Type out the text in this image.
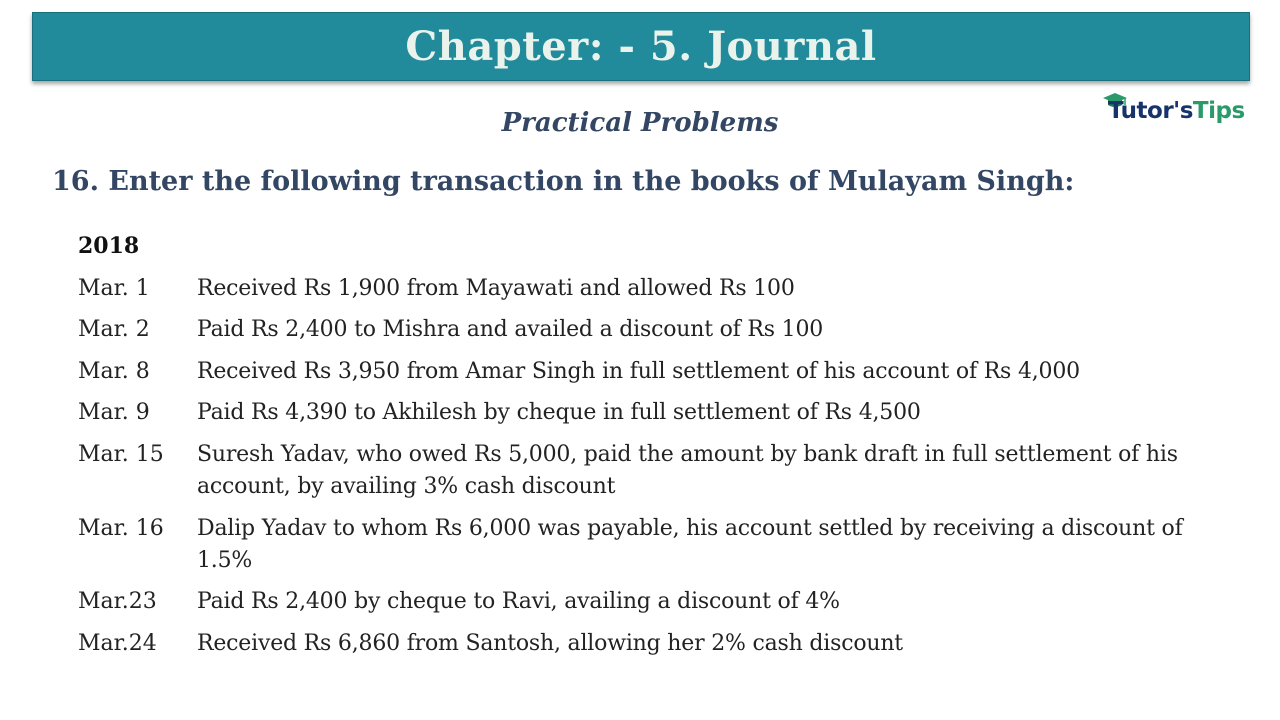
Chapter: - 5. Journal
Tutor'sTips
Practical Problems
16. Enter the following transaction in the books of Mulayam Singh:
2018
Mar. 1	Received Rs 1,900 from Mayawati and allowed Rs 100
Mar. 2	Paid Rs 2,400 to Mishra and availed a discount of Rs 100
Mar. 8	Received Rs 3,950 from Amar Singh in full settlement of his account of Rs 4,000
Mar. 9	Paid Rs 4,390 to Akhilesh by cheque in full settlement of Rs 4,500
Mar. 15	Suresh Yadav, who owed Rs 5,000, paid the amount by bank draft in full settlement of his account, by availing 3% cash discount
Mar. 16	Dalip Yadav to whom Rs 6,000 was payable, his account settled by receiving a discount of 1.5%
Mar.23	Paid Rs 2,400 by cheque to Ravi, availing a discount of 4%
Mar.24	Received Rs 6,860 from Santosh, allowing her 2% cash discount
